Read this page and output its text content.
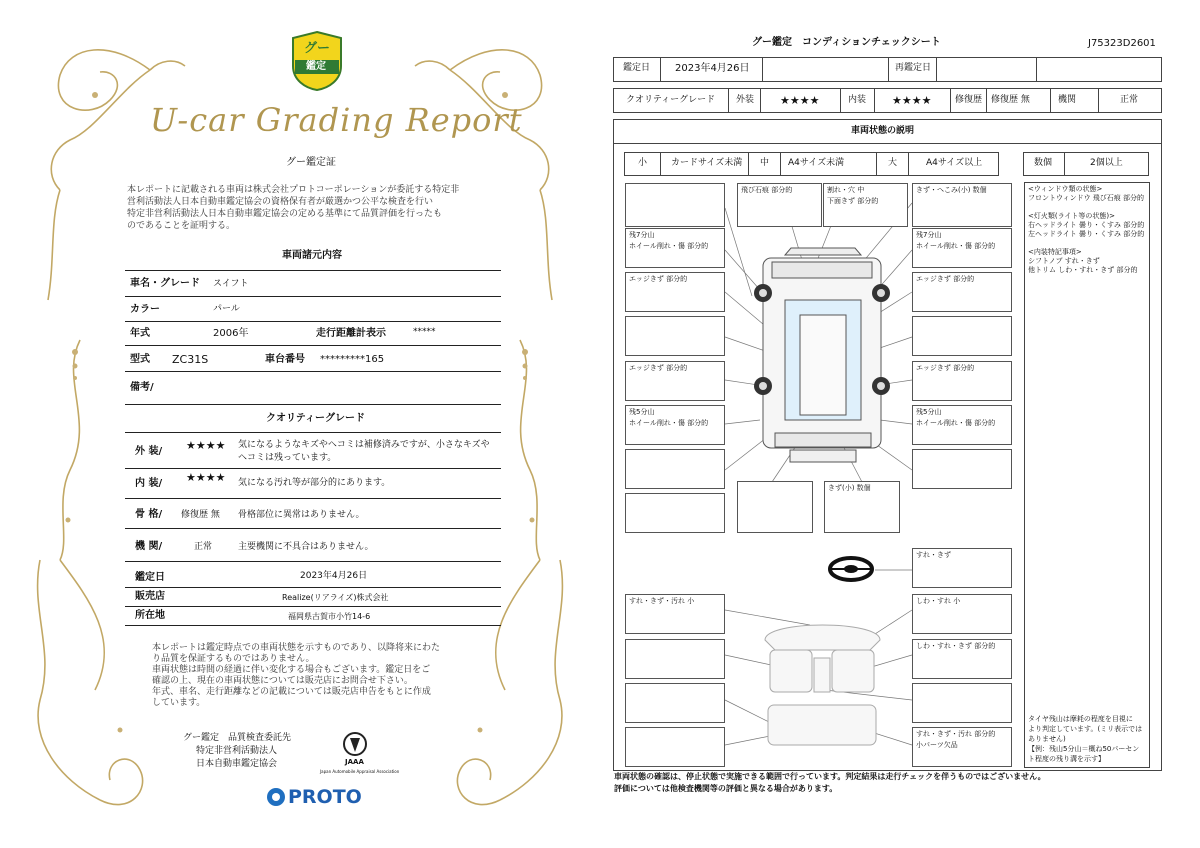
グー
鑑定
U-car Grading Report
グー鑑定証
本レポートに記載される車両は株式会社プロトコーポレーションが委託する特定非
営利活動法人日本自動車鑑定協会の資格保有者が厳選かつ公平な検査を行い
特定非営利活動法人日本自動車鑑定協会の定める基準にて品質評価を行ったも
のであることを証明する。
車両諸元内容
車名・グレード スイフト
カラー	パール
年式	2006年	走行距離計表示	*****
型式 ZC31S	車台番号 *********165
備考/
クオリティーグレード
外 装/ ★★★★ 気になるようなキズやヘコミは補修済みですが、小さなキズや
ヘコミは残っています。
内 装/ ★★★★ 気になる汚れ等が部分的にあります。
骨 格/ 修復歴 無 骨格部位に異常はありません。
機 関/	正常	主要機関に不具合はありません。
鑑定日	2023年4月26日
販売店	Realize(リアライズ)株式会社
所在地	福岡県古賀市小竹14-6
本レポートは鑑定時点での車両状態を示すものであり、以降将来にわた
り品質を保証するものではありません。
車両状態は時間の経過に伴い変化する場合もございます。鑑定日をご
確認の上、現在の車両状態については販売店にお問合せ下さい。
年式、車名、走行距離などの記載については販売店申告をもとに作成
しています。
グー鑑定　品質検査委託先
特定非営利活動法人
日本自動車鑑定協会	JAAA
Japan Automobile Appraisal Association
PROTO
グー鑑定　コンディションチェックシート	J75323D2601
鑑定日 2023年4月26日	再鑑定日
クオリティーグレード 外装 ★★★★	内装 ★★★★	修復歴 修復歴 無	機関	正常
車両状態の説明
小	カードサイズ未満 中 A4サイズ未満	大	A4サイズ以上	数個	2個以上
<ウィンドウ類の状態>
フロントウィンドウ 飛び石痕 部分的
<灯火類(ライト等の状態)>
右ヘッドライト 曇り・くすみ 部分的
左ヘッドライト 曇り・くすみ 部分的
<内装特記事項>
シフトノブ すれ・きず
他トリム しわ・すれ・きず 部分的
タイヤ残山は摩耗の程度を目視に
より判定しています。(ミリ表示では
ありません)
【例：残山5分山＝概ね50パーセン
ト程度の残り溝を示す】
飛び石痕 部分的	割れ・穴 中
下面きず 部分的
きず・へこみ(小) 数個
残7分山
ホイール削れ・傷 部分的
残7分山
ホイール削れ・傷 部分的
エッジきず 部分的	エッジきず 部分的
エッジきず 部分的	エッジきず 部分的
残5分山
ホイール削れ・傷 部分的
残5分山
ホイール削れ・傷 部分的
きず(小) 数個
すれ・きず
すれ・きず・汚れ 小	しわ・すれ 小
しわ・すれ・きず 部分的
すれ・きず・汚れ 部分的
小パーツ欠品
車両状態の確認は、停止状態で実施できる範囲で行っています。判定結果は走行チェックを伴うものではございません。
評価については他検査機関等の評価と異なる場合があります。
